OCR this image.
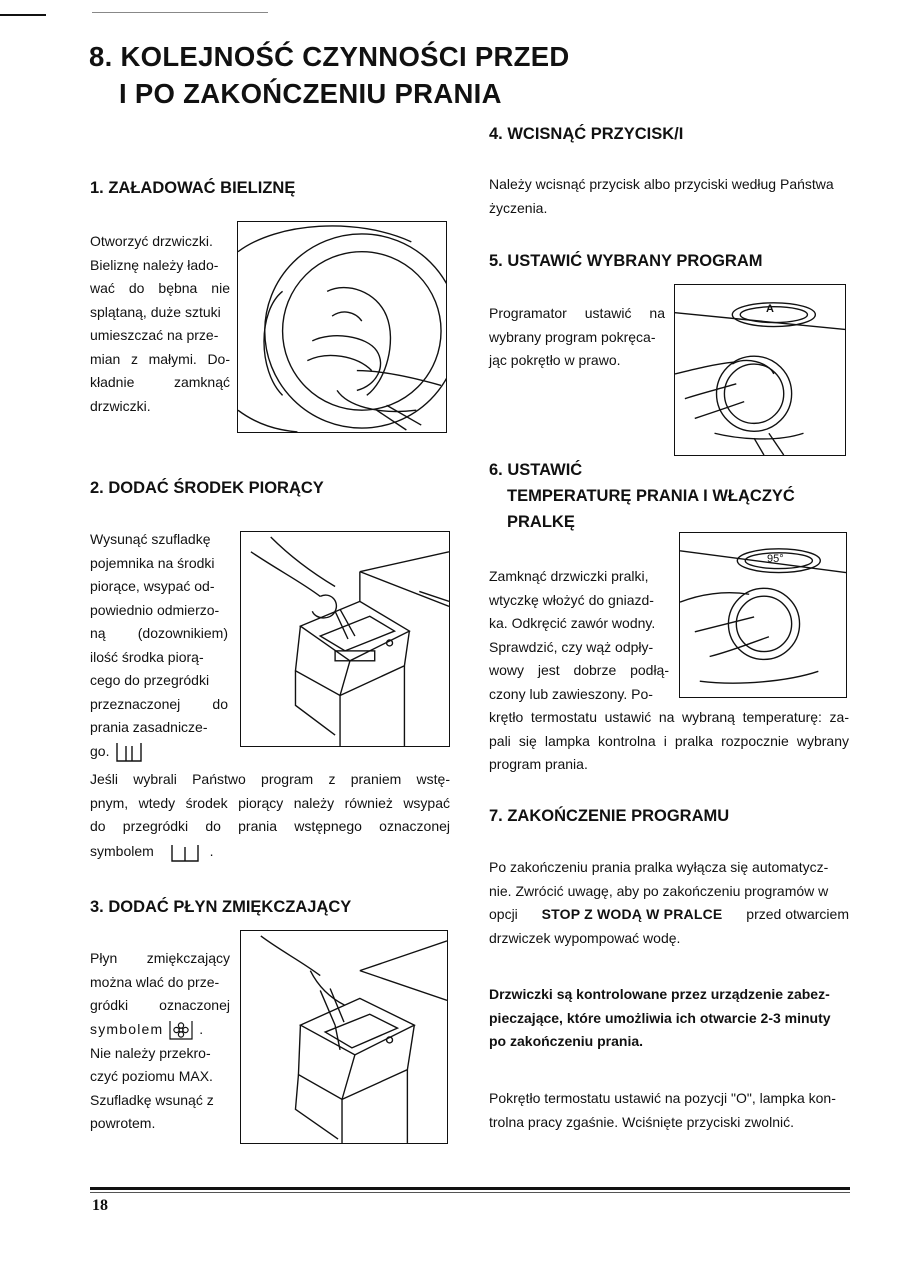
8. KOLEJNOŚĆ CZYNNOŚCI PRZED
I PO ZAKOŃCZENIU PRANIA
1. ZAŁADOWAĆ BIELIZNĘ
Otworzyć drzwiczki.
Bieliznę należy łado-
wać do bębna nie
splątaną, duże sztuki
umieszczać na prze-
mian z małymi. Do-
kładnie zamknąć
drzwiczki.
2. DODAĆ ŚRODEK PIORĄCY
Wysunąć szufladkę
pojemnika na środki
piorące, wsypać od-
powiednio odmierzo-
ną (dozownikiem)
ilość środka piorą-
cego do przegródki
przeznaczonej do
prania zasadnicze-
go.
Jeśli wybrali Państwo program z praniem wstę-
pnym, wtedy środek piorący należy również wsypać
do przegródki do prania wstępnego oznaczonej
symbolem	.
3. DODAĆ PŁYN ZMIĘKCZAJĄCY
Płyn zmiękczający
można wlać do prze-
gródki oznaczonej
symbolem	.
Nie należy przekro-
czyć poziomu MAX.
Szufladkę wsunąć z
powrotem.
4. WCISNĄĆ PRZYCISK/I
Należy wcisnąć przycisk albo przyciski według Państwa
życzenia.
5. USTAWIĆ WYBRANY PROGRAM
Programator ustawić na
wybrany program pokręca-
jąc pokrętło w prawo.
A
6. USTAWIĆ
TEMPERATURĘ PRANIA I WŁĄCZYĆ
PRALKĘ
Zamknąć drzwiczki pralki,
wtyczkę włożyć do gniazd-
ka. Odkręcić zawór wodny.
Sprawdzić, czy wąż odpły-
wowy jest dobrze podłą-
czony lub zawieszony. Po-
95°
krętło termostatu ustawić na wybraną temperaturę: za-
pali się lampka kontrolna i pralka rozpocznie wybrany
program prania.
7. ZAKOŃCZENIE PROGRAMU
Po zakończeniu prania pralka wyłącza się automatycz-
nie. Zwrócić uwagę, aby po zakończeniu programów w
opcji STOP Z WODĄ W PRALCE przed otwarciem
drzwiczek wypompować wodę.
Drzwiczki są kontrolowane przez urządzenie zabez-
pieczające, które umożliwia ich otwarcie 2-3 minuty
po zakończeniu prania.
Pokrętło termostatu ustawić na pozycji "O", lampka kon-
trolna pracy zgaśnie. Wciśnięte przyciski zwolnić.
18
